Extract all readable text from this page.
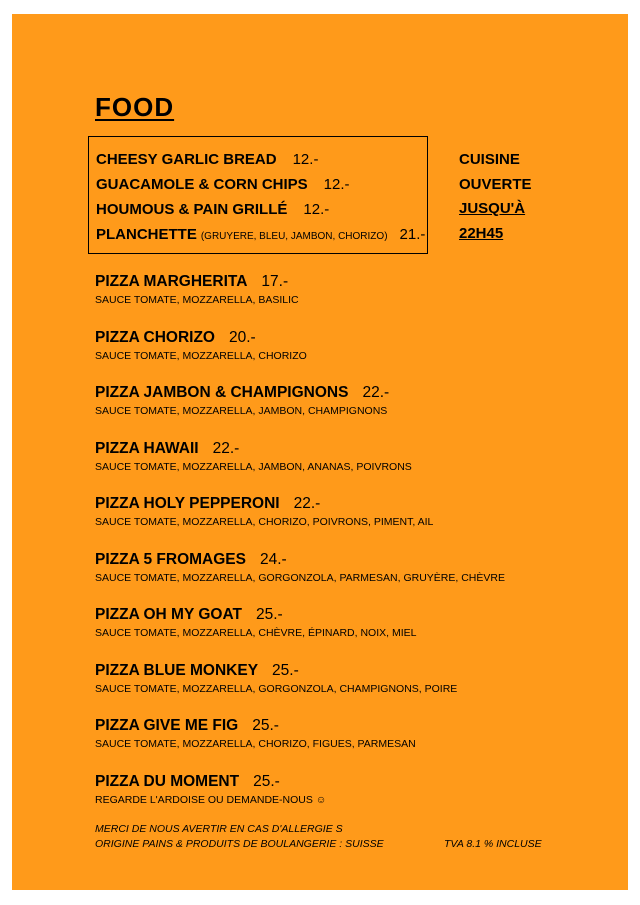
FOOD
CHEESY GARLIC BREAD 12.-
GUACAMOLE & CORN CHIPS 12.-
HOUMOUS & PAIN GRILLÉ 12.-
PLANCHETTE (GRUYERE, BLEU, JAMBON, CHORIZO) 21.-
CUISINE
OUVERTE
JUSQU'À
22H45
PIZZA MARGHERITA 17.-
SAUCE TOMATE, MOZZARELLA, BASILIC
PIZZA CHORIZO 20.-
SAUCE TOMATE, MOZZARELLA, CHORIZO
PIZZA JAMBON & CHAMPIGNONS 22.-
SAUCE TOMATE, MOZZARELLA, JAMBON, CHAMPIGNONS
PIZZA HAWAII 22.-
SAUCE TOMATE, MOZZARELLA, JAMBON, ANANAS, POIVRONS
PIZZA HOLY PEPPERONI 22.-
SAUCE TOMATE, MOZZARELLA, CHORIZO, POIVRONS, PIMENT, AIL
PIZZA 5 FROMAGES 24.-
SAUCE TOMATE, MOZZARELLA, GORGONZOLA, PARMESAN, GRUYÈRE, CHÈVRE
PIZZA OH MY GOAT 25.-
SAUCE TOMATE, MOZZARELLA, CHÈVRE, ÉPINARD, NOIX, MIEL
PIZZA BLUE MONKEY 25.-
SAUCE TOMATE, MOZZARELLA, GORGONZOLA, CHAMPIGNONS, POIRE
PIZZA GIVE ME FIG 25.-
SAUCE TOMATE, MOZZARELLA, CHORIZO, FIGUES, PARMESAN
PIZZA DU MOMENT 25.-
REGARDE L'ARDOISE OU DEMANDE-NOUS ☺
MERCI DE NOUS AVERTIR EN CAS D'ALLERGIE S
ORIGINE PAINS & PRODUITS DE BOULANGERIE : SUISSE	TVA 8.1 % INCLUSE
